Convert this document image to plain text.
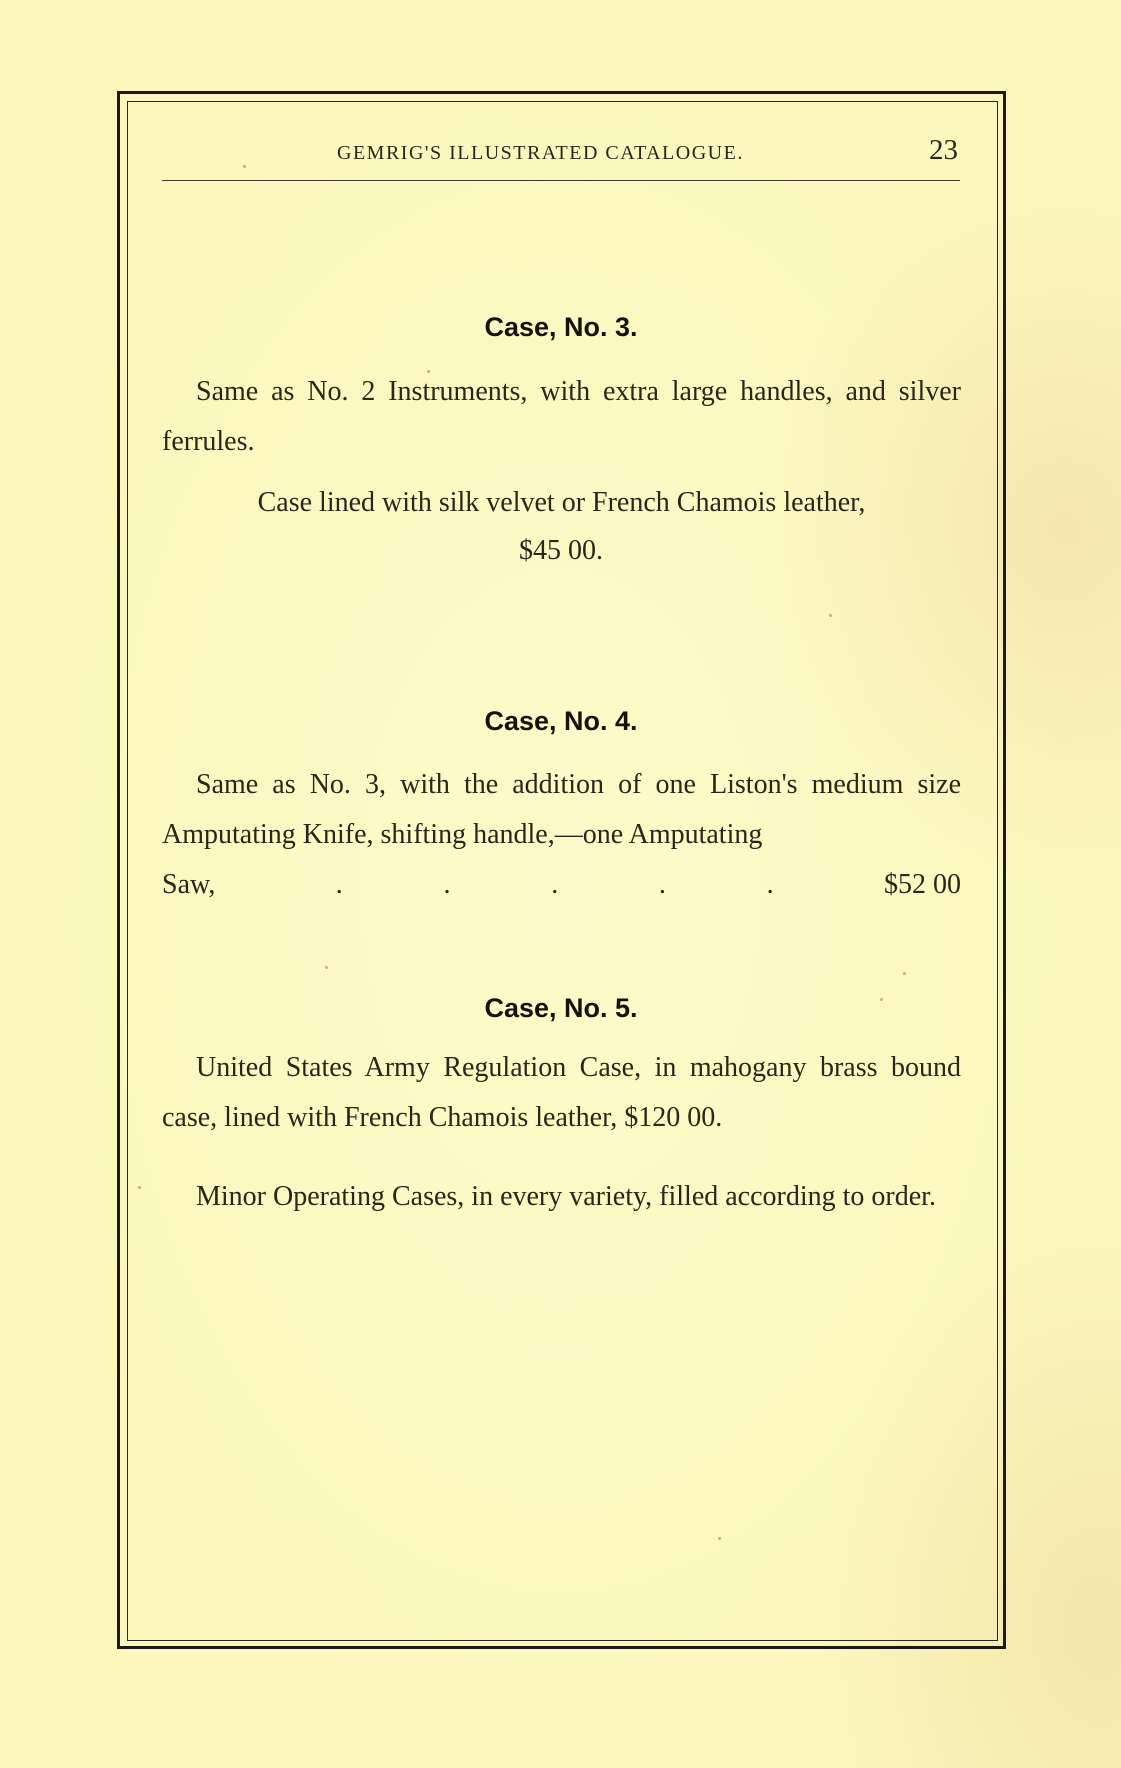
GEMRIG'S ILLUSTRATED CATALOGUE.	23
Case, No. 3.
Same as No. 2 Instruments, with extra large handles, and silver ferrules.
Case lined with silk velvet or French Chamois leather,
$45 00.
Case, No. 4.
Same as No. 3, with the addition of one Liston's medium size Amputating Knife, shifting handle,—one Amputating
Saw,	.	.	.	.	.	$52 00
Case, No. 5.
United States Army Regulation Case, in mahogany brass bound case, lined with French Chamois leather, $120 00.
Minor Operating Cases, in every variety, filled according to order.
